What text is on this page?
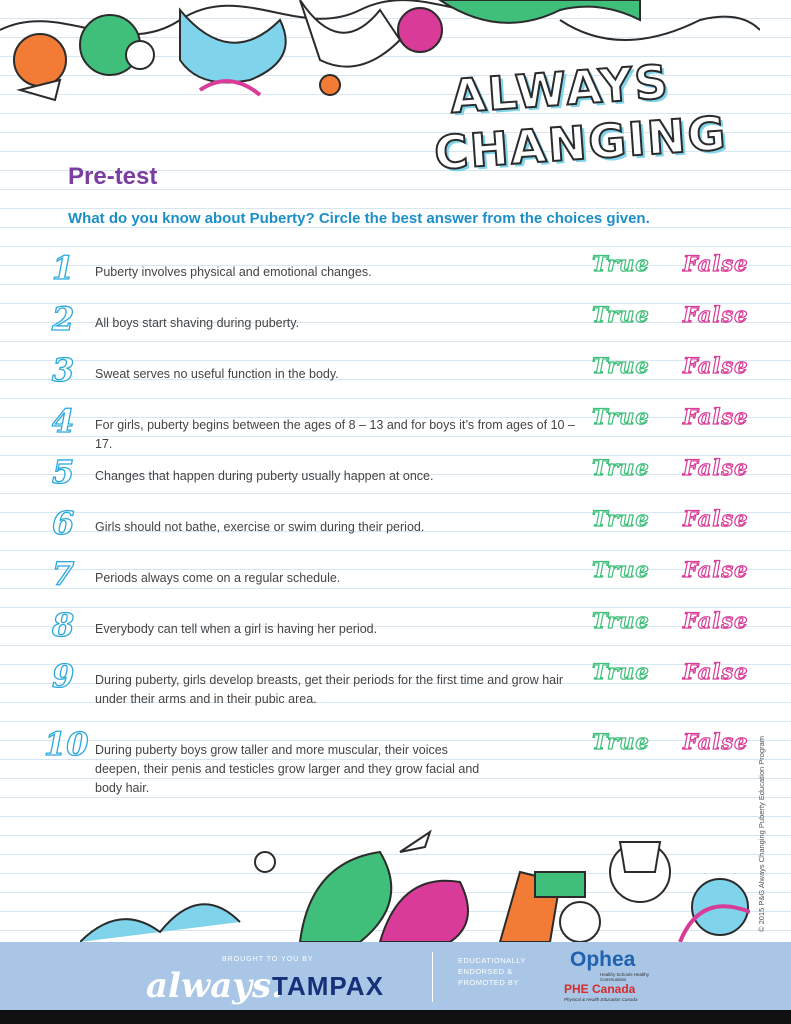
ALWAYS
CHANGING
Pre-test
What do you know about Puberty? Circle the best answer from the choices given.
1 Puberty involves physical and emotional changes.	True False
2 All boys start shaving during puberty.	True False
3 Sweat serves no useful function in the body.	True False
4 For girls, puberty begins between the ages of 8 – 13 and for boys it’s from ages of 10 – 17.
True False
5 Changes that happen during puberty usually happen at once.	True False
6 Girls should not bathe, exercise or swim during their period.	True False
7 Periods always come on a regular schedule.	True False
8 Everybody can tell when a girl is having her period.	True False
9 During puberty, girls develop breasts, get their periods for the first time and grow hair under their arms and in their pubic area.
True False
10 During puberty boys grow taller and more muscular, their voices deepen, their penis and testicles grow larger and they grow facial and body hair.
True False © 2015 P&G Always Changing Puberty Education Program
BROUGHT TO YOU BY
always.
TAMPAX
EDUCATIONALLY
ENDORSED &
PROMOTED BY
Ophea
Healthy Schools Healthy Communities
PHE Canada
Physical & Health Education Canada
